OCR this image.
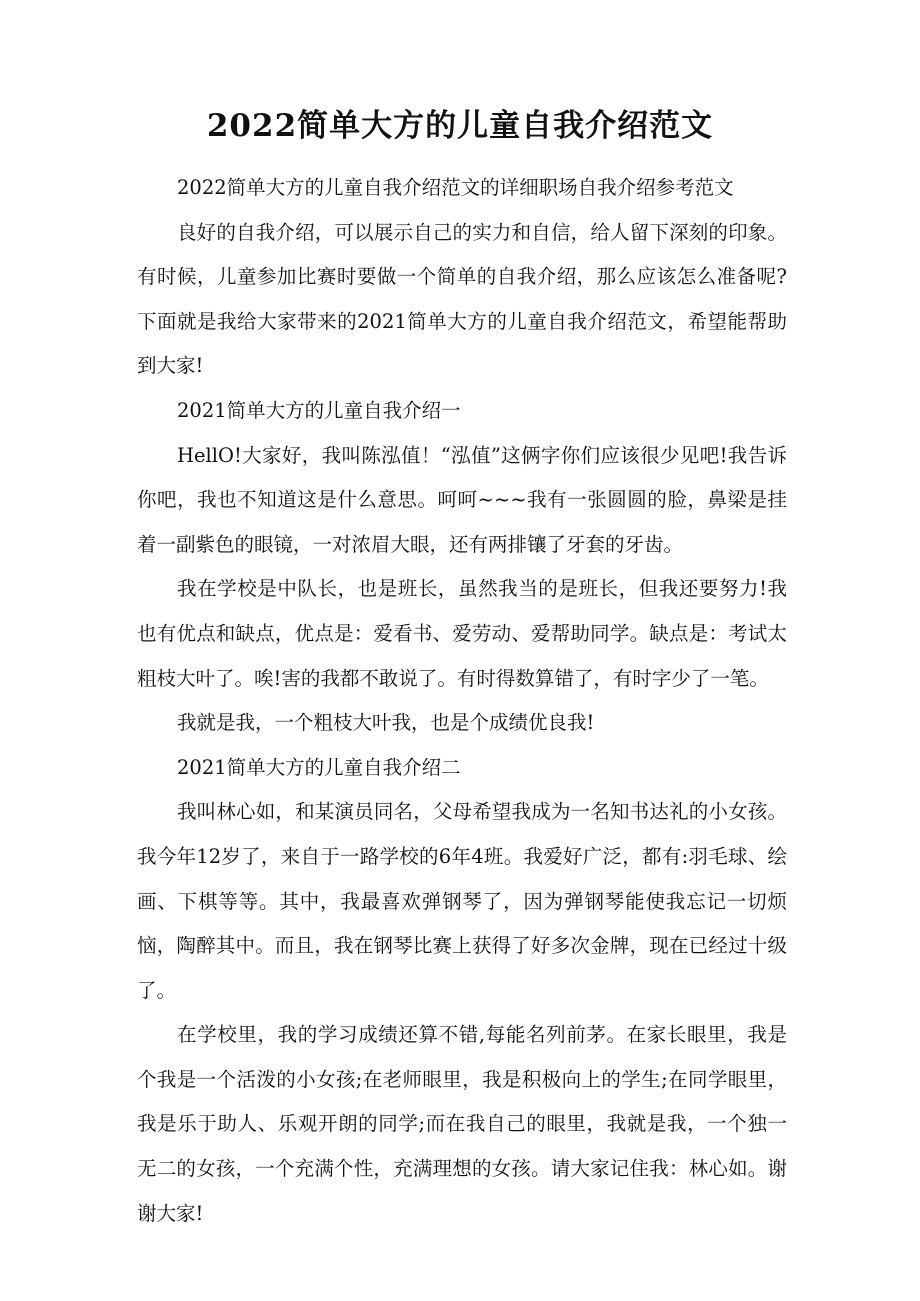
2022简单大方的儿童自我介绍范文

2022简单大方的儿童自我介绍范文的详细职场自我介绍参考范文

良好的自我介绍，可以展示自己的实力和自信，给人留下深刻的印象。有时候，儿童参加比赛时要做一个简单的自我介绍，那么应该怎么准备呢?下面就是我给大家带来的2021简单大方的儿童自我介绍范文，希望能帮助到大家!

2021简单大方的儿童自我介绍一

HellO!大家好，我叫陈泓值！“泓值”这俩字你们应该很少见吧!我告诉你吧，我也不知道这是什么意思。呵呵~~~我有一张圆圆的脸，鼻梁是挂着一副紫色的眼镜，一对浓眉大眼，还有两排镶了牙套的牙齿。

我在学校是中队长，也是班长，虽然我当的是班长，但我还要努力!我也有优点和缺点，优点是：爱看书、爱劳动、爱帮助同学。缺点是：考试太粗枝大叶了。唉!害的我都不敢说了。有时得数算错了，有时字少了一笔。

我就是我，一个粗枝大叶我，也是个成绩优良我!

2021简单大方的儿童自我介绍二

我叫林心如，和某演员同名，父母希望我成为一名知书达礼的小女孩。我今年12岁了，来自于一路学校的6年4班。我爱好广泛，都有:羽毛球、绘画、下棋等等。其中，我最喜欢弹钢琴了，因为弹钢琴能使我忘记一切烦恼，陶醉其中。而且，我在钢琴比赛上获得了好多次金牌，现在已经过十级了。

在学校里，我的学习成绩还算不错,每能名列前茅。在家长眼里，我是个我是一个活泼的小女孩;在老师眼里，我是积极向上的学生;在同学眼里，我是乐于助人、乐观开朗的同学;而在我自己的眼里，我就是我，一个独一无二的女孩，一个充满个性，充满理想的女孩。请大家记住我：林心如。谢谢大家!
